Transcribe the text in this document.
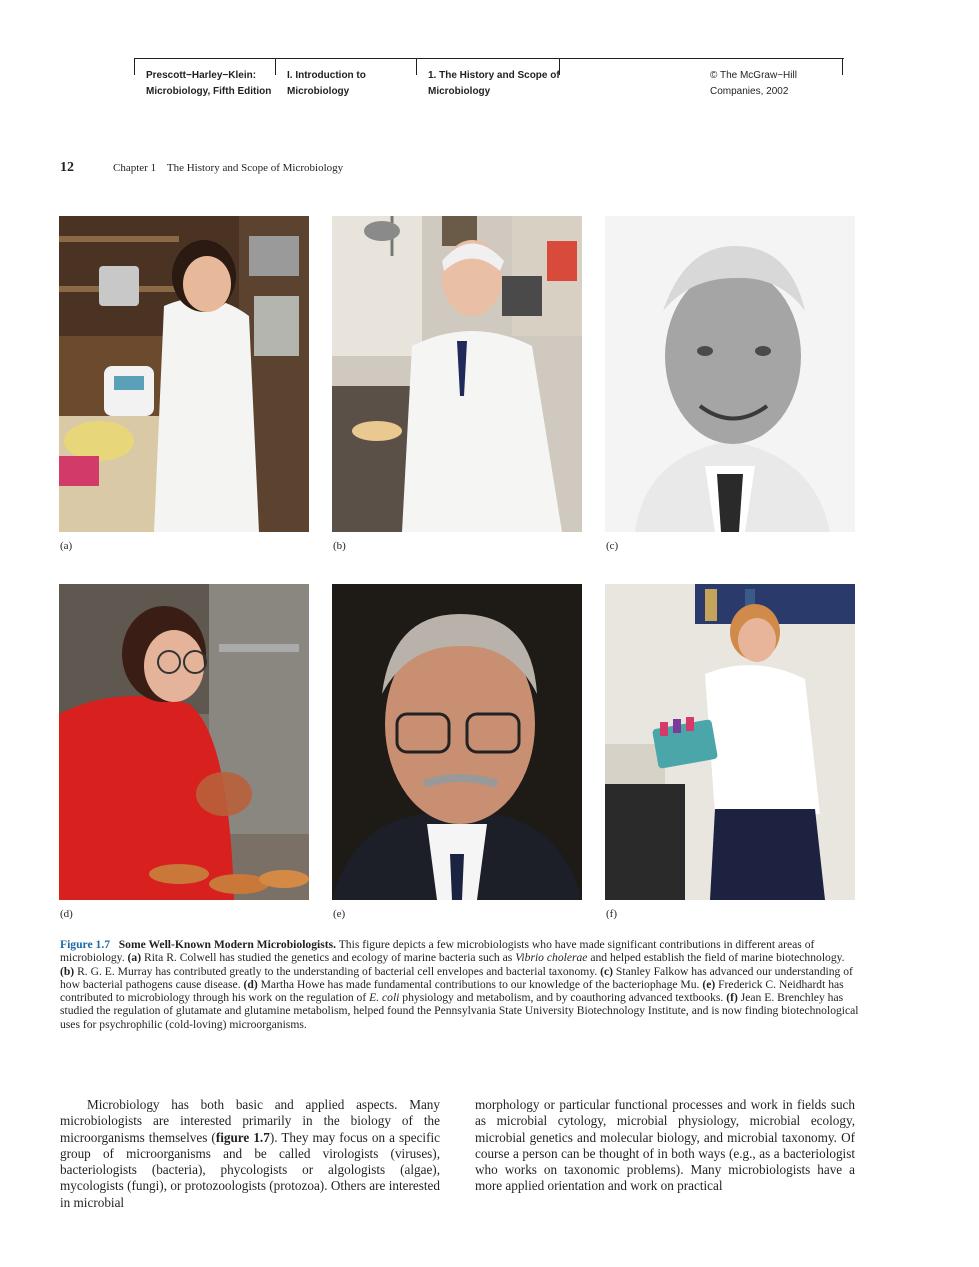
Prescott−Harley−Klein:
Microbiology, Fifth Edition
I. Introduction to
Microbiology
1. The History and Scope of
Microbiology
© The McGraw−Hill
Companies, 2002
12	Chapter 1    The History and Scope of Microbiology
(a)	(b)	(c)
(d)	(e)	(f)
Figure 1.7 Some Well-Known Modern Microbiologists. This figure depicts a few microbiologists who have made significant contributions in different areas of microbiology. (a) Rita R. Colwell has studied the genetics and ecology of marine bacteria such as Vibrio cholerae and helped establish the field of marine biotechnology. (b) R. G. E. Murray has contributed greatly to the understanding of bacterial cell envelopes and bacterial taxonomy. (c) Stanley Falkow has advanced our understanding of how bacterial pathogens cause disease. (d) Martha Howe has made fundamental contributions to our knowledge of the bacteriophage Mu. (e) Frederick C. Neidhardt has contributed to microbiology through his work on the regulation of E. coli physiology and metabolism, and by coauthoring advanced textbooks. (f) Jean E. Brenchley has studied the regulation of glutamate and glutamine metabolism, helped found the Pennsylvania State University Biotechnology Institute, and is now finding biotechnological uses for psychrophilic (cold-loving) microorganisms.
Microbiology has both basic and applied aspects. Many microbiologists are interested primarily in the biology of the microorganisms themselves (figure 1.7). They may focus on a specific group of microorganisms and be called virologists (viruses), bacteriologists (bacteria), phycologists or algologists (algae), mycologists (fungi), or protozoologists (protozoa). Others are interested in microbial
morphology or particular functional processes and work in fields such as microbial cytology, microbial physiology, microbial ecology, microbial genetics and molecular biology, and microbial taxonomy. Of course a person can be thought of in both ways (e.g., as a bacteriologist who works on taxonomic problems). Many microbiologists have a more applied orientation and work on practical
